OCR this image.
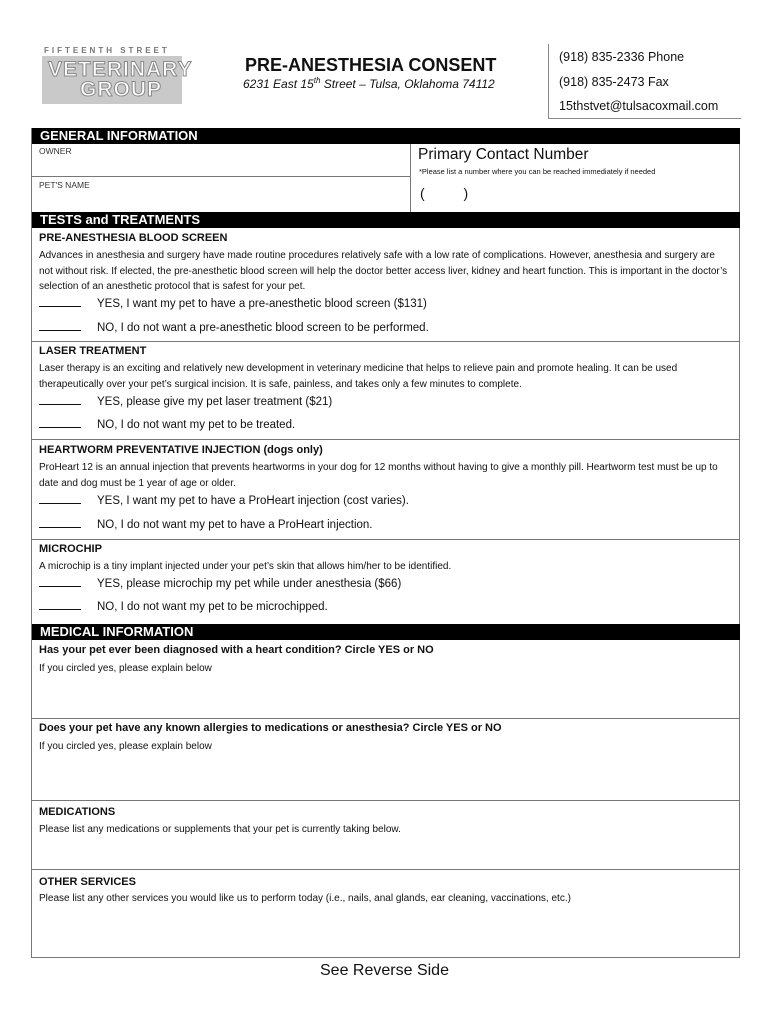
FIFTEENTH STREET
VETERINARY
GROUP
PRE-ANESTHESIA CONSENT
6231 East 15th Street – Tulsa, Oklahoma 74112
(918) 835-2336 Phone
(918) 835-2473 Fax
15thstvet@tulsacoxmail.com
GENERAL INFORMATION
OWNER
PET'S NAME
Primary Contact Number
*Please list a number where you can be reached immediately if needed
(          )
TESTS and TREATMENTS
PRE-ANESTHESIA BLOOD SCREEN
Advances in anesthesia and surgery have made routine procedures relatively safe with a low rate of complications. However, anesthesia and surgery are not without risk. If elected, the pre-anesthetic blood screen will help the doctor better access liver, kidney and heart function. This is important in the doctor’s selection of an anesthetic protocol that is safest for your pet.
YES, I want my pet to have a pre-anesthetic blood screen ($131)
NO, I do not want a pre-anesthetic blood screen to be performed.
LASER TREATMENT
Laser therapy is an exciting and relatively new development in veterinary medicine that helps to relieve pain and promote healing. It can be used therapeutically over your pet’s surgical incision. It is safe, painless, and takes only a few minutes to complete.
YES, please give my pet laser treatment ($21)
NO, I do not want my pet to be treated.
HEARTWORM PREVENTATIVE INJECTION (dogs only)
ProHeart 12 is an annual injection that prevents heartworms in your dog for 12 months without having to give a monthly pill. Heartworm test must be up to date and dog must be 1 year of age or older.
YES, I want my pet to have a ProHeart injection (cost varies).
NO, I do not want my pet to have a ProHeart injection.
MICROCHIP
A microchip is a tiny implant injected under your pet’s skin that allows him/her to be identified.
YES, please microchip my pet while under anesthesia ($66)
NO, I do not want my pet to be microchipped.
MEDICAL INFORMATION
Has your pet ever been diagnosed with a heart condition? Circle YES or NO
If you circled yes, please explain below
Does your pet have any known allergies to medications or anesthesia? Circle YES or NO
If you circled yes, please explain below
MEDICATIONS
Please list any medications or supplements that your pet is currently taking below.
OTHER SERVICES
Please list any other services you would like us to perform today (i.e., nails, anal glands, ear cleaning, vaccinations, etc.)
See Reverse Side
